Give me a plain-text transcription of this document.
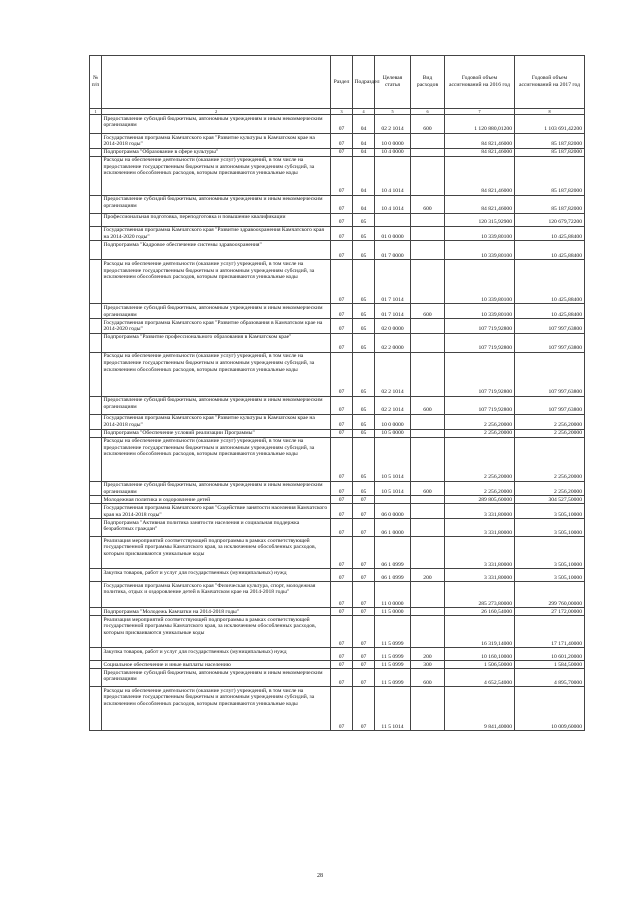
№ п/п		Раздел	Подраздел	Целевая статья	Вид расходов	Годовой объем ассигнований на 2016 год	Годовой объем ассигнований на 2017 год
1	2	3	4	5	6	7	8
	Предоставление субсидий бюджетным, автономным учреждениям и иным некоммерческим организациям	07	04	02 2 1014	600	1 120 880,01200	1 103 691,42200
	Государственная программа Камчатского края "Развитие культуры в Камчатском крае на 2014-2018 годы"	07	04	10 0 0000		84 821,46000	85 187,82000
	Подпрограмма "Образование в сфере культуры"	07	04	10 4 0000		84 821,46000	85 187,82000
	Расходы на обеспечение деятельности (оказание услуг) учреждений, в том числе на предоставление государственным бюджетным и автономным учреждениям субсидий, за исключением обособленных расходов, которым присваиваются уникальные коды	07	04	10 4 1014		84 821,46000	85 187,82000
	Предоставление субсидий бюджетным, автономным учреждениям и иным некоммерческим организациям	07	04	10 4 1014	600	84 821,46000	85 187,82000
	Профессиональная подготовка, переподготовка и повышение квалификации	07	05			120 315,92900	120 679,72200
	Государственная программа Камчатского края "Развитие здравоохранения Камчатского края на 2014-2020 годы"	07	05	01 0 0000		10 339,80100	10 425,88400
	Подпрограмма "Кадровое обеспечение системы здравоохранения"	07	05	01 7 0000		10 339,80100	10 425,88400
	Расходы на обеспечение деятельности (оказание услуг) учреждений, в том числе на предоставление государственным бюджетным и автономным учреждениям субсидий, за исключением обособленных расходов, которым присваиваются уникальные коды	07	05	01 7 1014		10 339,80100	10 425,88400
	Предоставление субсидий бюджетным, автономным учреждениям и иным некоммерческим организациям	07	05	01 7 1014	600	10 339,80100	10 425,88400
	Государственная программа Камчатского края "Развитие образования в Камчатском крае на 2014-2020 годы"	07	05	02 0 0000		107 719,92800	107 997,63800
	Подпрограмма "Развитие профессионального образования в Камчатском крае"	07	05	02 2 0000		107 719,92800	107 997,63800
	Расходы на обеспечение деятельности (оказание услуг) учреждений, в том числе на предоставление государственным бюджетным и автономным учреждениям субсидий, за исключением обособленных расходов, которым присваиваются уникальные коды	07	05	02 2 1014		107 719,92800	107 997,63800
	Предоставление субсидий бюджетным, автономным учреждениям и иным некоммерческим организациям	07	05	02 2 1014	600	107 719,92800	107 997,63800
	Государственная программа Камчатского края "Развитие культуры в Камчатском крае на 2014-2018 годы"	07	05	10 0 0000		2 256,20000	2 256,20000
	Подпрограмма "Обеспечение условий реализации Программы"	07	05	10 5 0000		2 256,20000	2 256,20000
	Расходы на обеспечение деятельности (оказание услуг) учреждений, в том числе на предоставление государственным бюджетным и автономным учреждениям субсидий, за исключением обособленных расходов, которым присваиваются уникальные коды	07	05	10 5 1014		2 256,20000	2 256,20000
	Предоставление субсидий бюджетным, автономным учреждениям и иным некоммерческим организациям	07	05	10 5 1014	600	2 256,20000	2 256,20000
	Молодежная политика и оздоровление детей	07	07			289 805,60000	304 527,50000
	Государственная программа Камчатского края "Содействие занятости населения Камчатского края на 2014-2018 годы"	07	07	06 0 0000		3 331,80000	3 505,10000
	Подпрограмма "Активная политика занятости населения и социальная поддержка безработных граждан"	07	07	06 1 0000		3 331,80000	3 505,10000
	Реализация мероприятий соответствующей подпрограммы в рамках соответствующей государственной программы Камчатского края, за исключением обособленных расходов, которым присваиваются уникальные коды	07	07	06 1 0999		3 331,80000	3 505,10000
	Закупка товаров, работ и услуг для государственных (муниципальных) нужд	07	07	06 1 0999	200	3 331,80000	3 505,10000
	Государственная программа Камчатского края "Физическая культура, спорт, молодежная политика, отдых и оздоровление детей в Камчатском крае на 2014-2018 годы"	07	07	11 0 0000		285 273,80000	299 760,00000
	Подпрограмма "Молодежь Камчатки на 2014-2018 годы"	07	07	11 5 0000		26 160,54000	27 172,00000
	Реализация мероприятий соответствующей подпрограммы в рамках соответствующей государственной программы Камчатского края, за исключением обособленных расходов, которым присваиваются уникальные коды	07	07	11 5 0999		16 319,14000	17 171,40000
	Закупка товаров, работ и услуг для государственных (муниципальных) нужд	07	07	11 5 0999	200	10 160,10000	10 601,20000
	Социальное обеспечение и иные выплаты населению	07	07	11 5 0999	300	1 506,50000	1 584,50000
	Предоставление субсидий бюджетным, автономным учреждениям и иным некоммерческим организациям	07	07	11 5 0999	600	4 652,54000	4 895,70000
	Расходы на обеспечение деятельности (оказание услуг) учреждений, в том числе на предоставление государственным бюджетным и автономным учреждениям субсидий, за исключением обособленных расходов, которым присваиваются уникальные коды	07	07	11 5 1014		9 841,40000	10 009,60000
28
